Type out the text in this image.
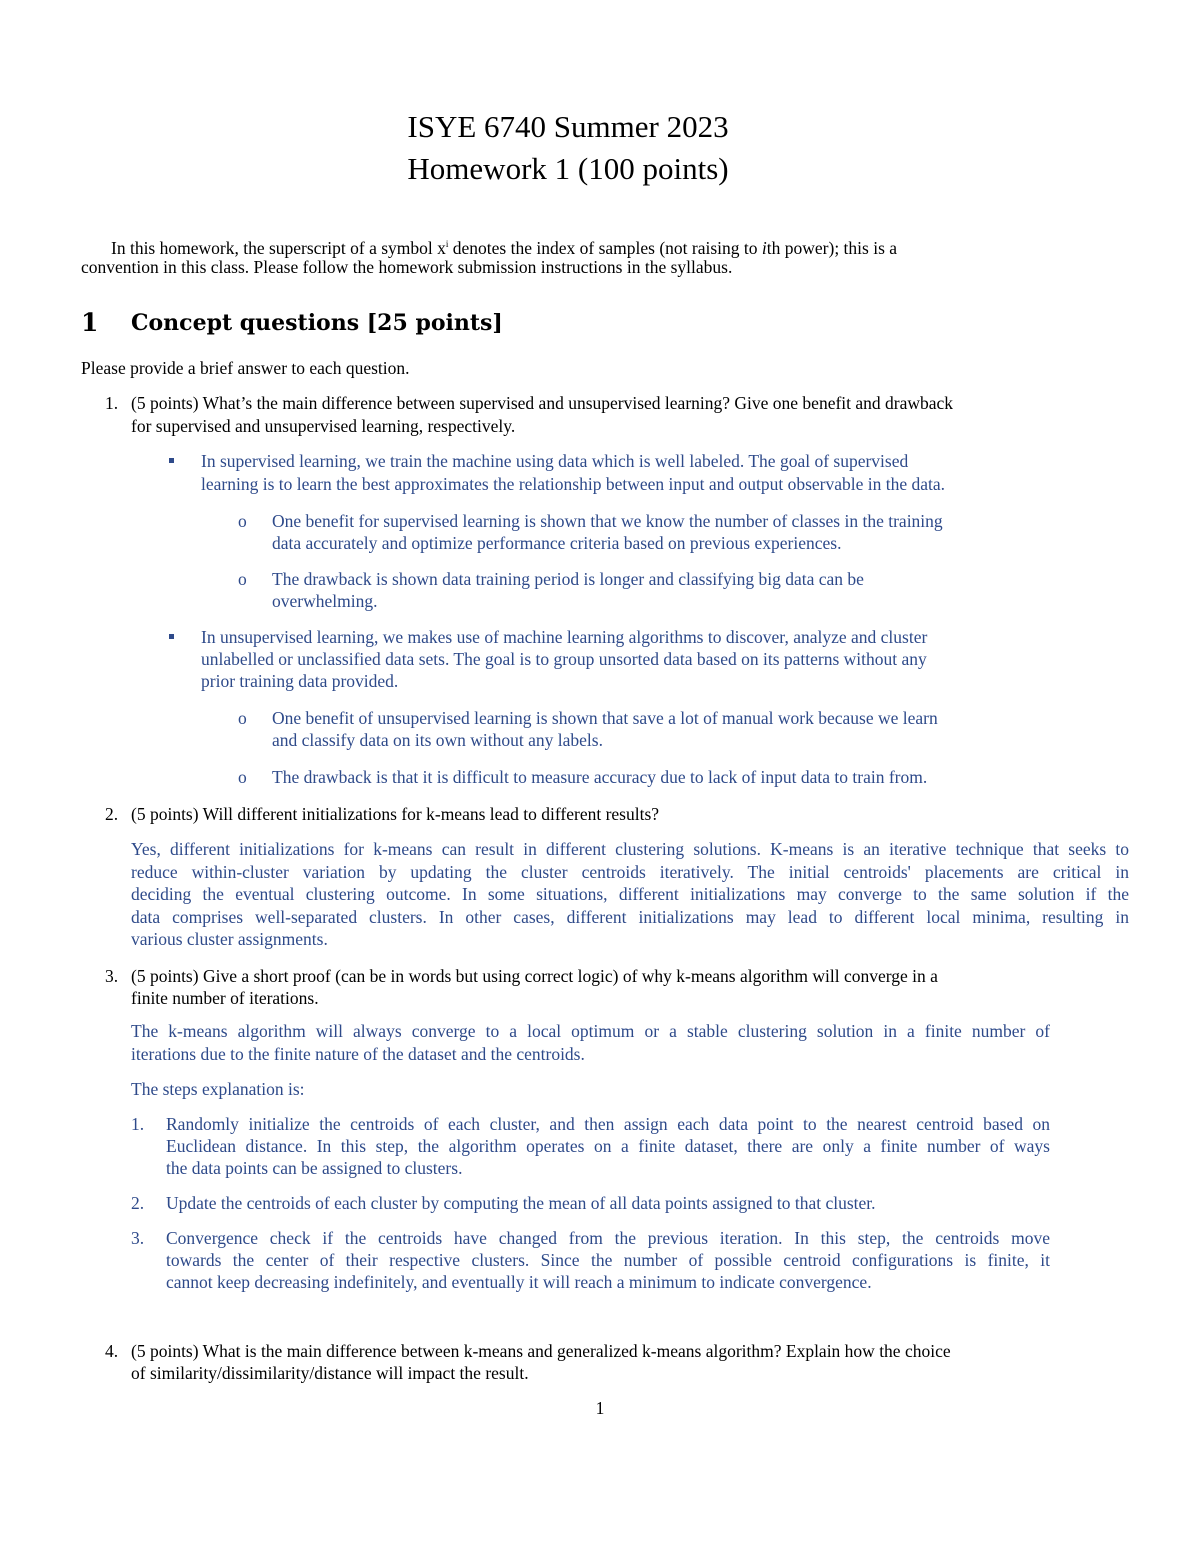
ISYE 6740 Summer 2023
Homework 1 (100 points)
In this homework, the superscript of a symbol $x^i$ denotes the index of samples (not raising to ith power); this is a
convention in this class. Please follow the homework submission instructions in the syllabus.
1 Concept questions [25 points]
Please provide a brief answer to each question.
1. (5 points) What’s the main difference between supervised and unsupervised learning? Give one benefit and drawback
for supervised and unsupervised learning, respectively.
In supervised learning, we train the machine using data which is well labeled. The goal of supervised
learning is to learn the best approximates the relationship between input and output observable in the data.
o One benefit for supervised learning is shown that we know the number of classes in the training
data accurately and optimize performance criteria based on previous experiences.
o The drawback is shown data training period is longer and classifying big data can be
overwhelming.
In unsupervised learning, we makes use of machine learning algorithms to discover, analyze and cluster
unlabelled or unclassified data sets. The goal is to group unsorted data based on its patterns without any
prior training data provided.
o One benefit of unsupervised learning is shown that save a lot of manual work because we learn
and classify data on its own without any labels.
o The drawback is that it is difficult to measure accuracy due to lack of input data to train from.
2. (5 points) Will different initializations for k-means lead to different results?
Yes, different initializations for k-means can result in different clustering solutions. K-means is an iterative technique that seeks to
reduce within-cluster variation by updating the cluster centroids iteratively. The initial centroids' placements are critical in
deciding the eventual clustering outcome. In some situations, different initializations may converge to the same solution if the
data comprises well-separated clusters. In other cases, different initializations may lead to different local minima, resulting in
various cluster assignments.
3. (5 points) Give a short proof (can be in words but using correct logic) of why k-means algorithm will converge in a
finite number of iterations.
The k-means algorithm will always converge to a local optimum or a stable clustering solution in a finite number of
iterations due to the finite nature of the dataset and the centroids.
The steps explanation is:
1. Randomly initialize the centroids of each cluster, and then assign each data point to the nearest centroid based on
Euclidean distance. In this step, the algorithm operates on a finite dataset, there are only a finite number of ways
the data points can be assigned to clusters.
2. Update the centroids of each cluster by computing the mean of all data points assigned to that cluster.
3. Convergence check if the centroids have changed from the previous iteration. In this step, the centroids move
towards the center of their respective clusters. Since the number of possible centroid configurations is finite, it
cannot keep decreasing indefinitely, and eventually it will reach a minimum to indicate convergence.
4. (5 points) What is the main difference between k-means and generalized k-means algorithm? Explain how the choice
of similarity/dissimilarity/distance will impact the result.
1
